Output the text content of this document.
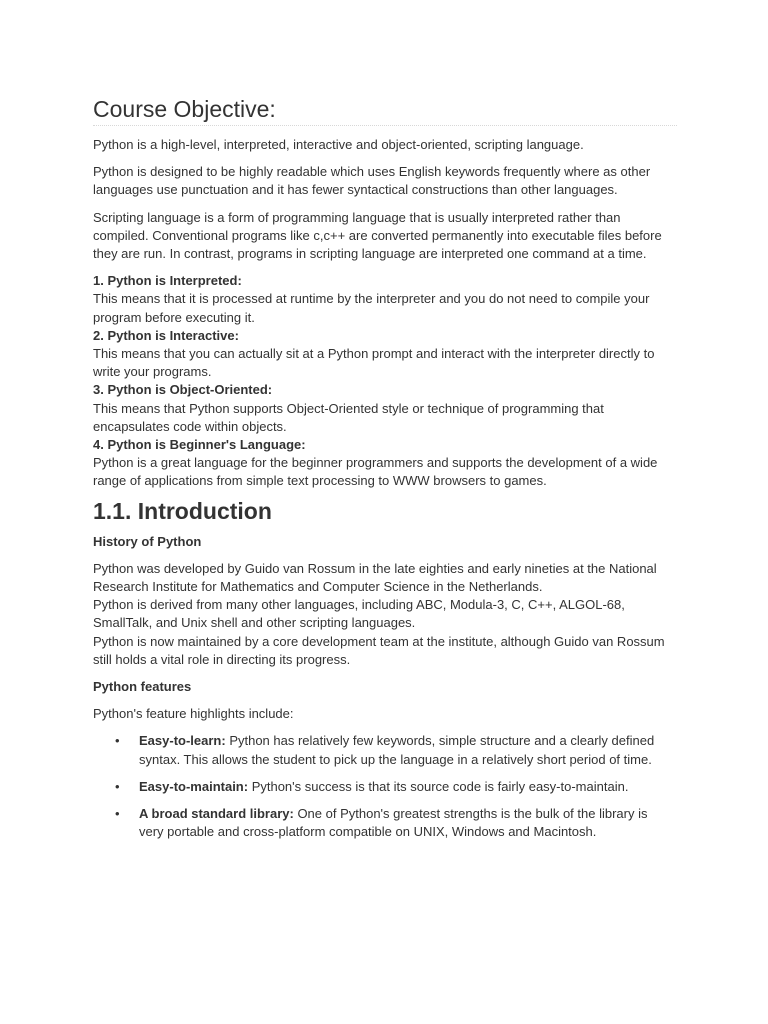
Course Objective:

Python is a high-level, interpreted, interactive and object-oriented, scripting language.

Python is designed to be highly readable which uses English keywords frequently where as other languages use punctuation and it has fewer syntactical constructions than other languages.

Scripting language is a form of programming language that is usually interpreted rather than compiled. Conventional programs like c,c++ are converted permanently into executable files before they are run. In contrast, programs in scripting language are interpreted one command at a time.

1. Python is Interpreted:
This means that it is processed at runtime by the interpreter and you do not need to compile your program before executing it.
2. Python is Interactive:
This means that you can actually sit at a Python prompt and interact with the interpreter directly to write your programs.
3. Python is Object-Oriented:
This means that Python supports Object-Oriented style or technique of programming that encapsulates code within objects.
4. Python is Beginner's Language:
Python is a great language for the beginner programmers and supports the development of a wide range of applications from simple text processing to WWW browsers to games.
1.1. Introduction

History of Python

Python was developed by Guido van Rossum in the late eighties and early nineties at the National Research Institute for Mathematics and Computer Science in the Netherlands.

Python is derived from many other languages, including ABC, Modula-3, C, C++, ALGOL-68, SmallTalk, and Unix shell and other scripting languages.

Python is now maintained by a core development team at the institute, although Guido van Rossum still holds a vital role in directing its progress.

Python features

Python's feature highlights include:

• Easy-to-learn: Python has relatively few keywords, simple structure and a clearly defined syntax. This allows the student to pick up the language in a relatively short period of time.
• Easy-to-maintain: Python's success is that its source code is fairly easy-to-maintain.
• A broad standard library: One of Python's greatest strengths is the bulk of the library is very portable and cross-platform compatible on UNIX, Windows and Macintosh.
